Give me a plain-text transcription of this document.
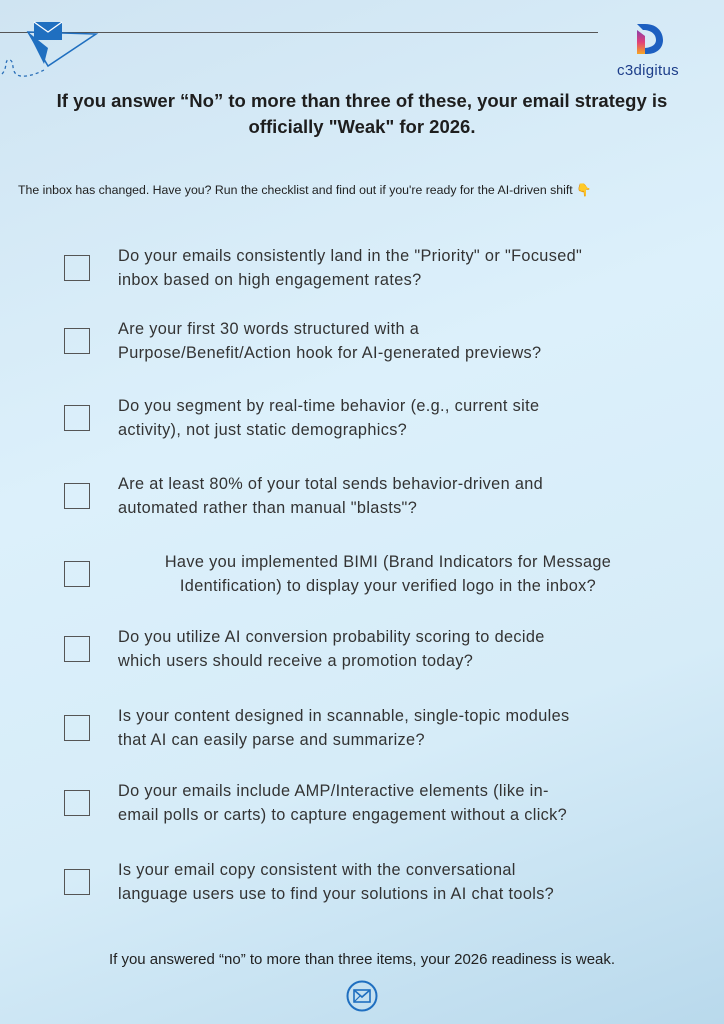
c3digitus
If you answer “No” to more than three of these, your email strategy is
officially "Weak" for 2026.
The inbox has changed. Have you? Run the checklist and find out if you're ready for the AI-driven shift 👇
Do your emails consistently land in the "Priority" or "Focused"
inbox based on high engagement rates?
Are your first 30 words structured with a
Purpose/Benefit/Action hook for AI-generated previews?
Do you segment by real-time behavior (e.g., current site
activity), not just static demographics?
Are at least 80% of your total sends behavior-driven and
automated rather than manual "blasts"?
Have you implemented BIMI (Brand Indicators for Message
Identification) to display your verified logo in the inbox?
Do you utilize AI conversion probability scoring to decide
which users should receive a promotion today?
Is your content designed in scannable, single-topic modules
that AI can easily parse and summarize?
Do your emails include AMP/Interactive elements (like in-
email polls or carts) to capture engagement without a click?
Is your email copy consistent with the conversational
language users use to find your solutions in AI chat tools?
If you answered “no” to more than three items, your 2026 readiness is weak.
